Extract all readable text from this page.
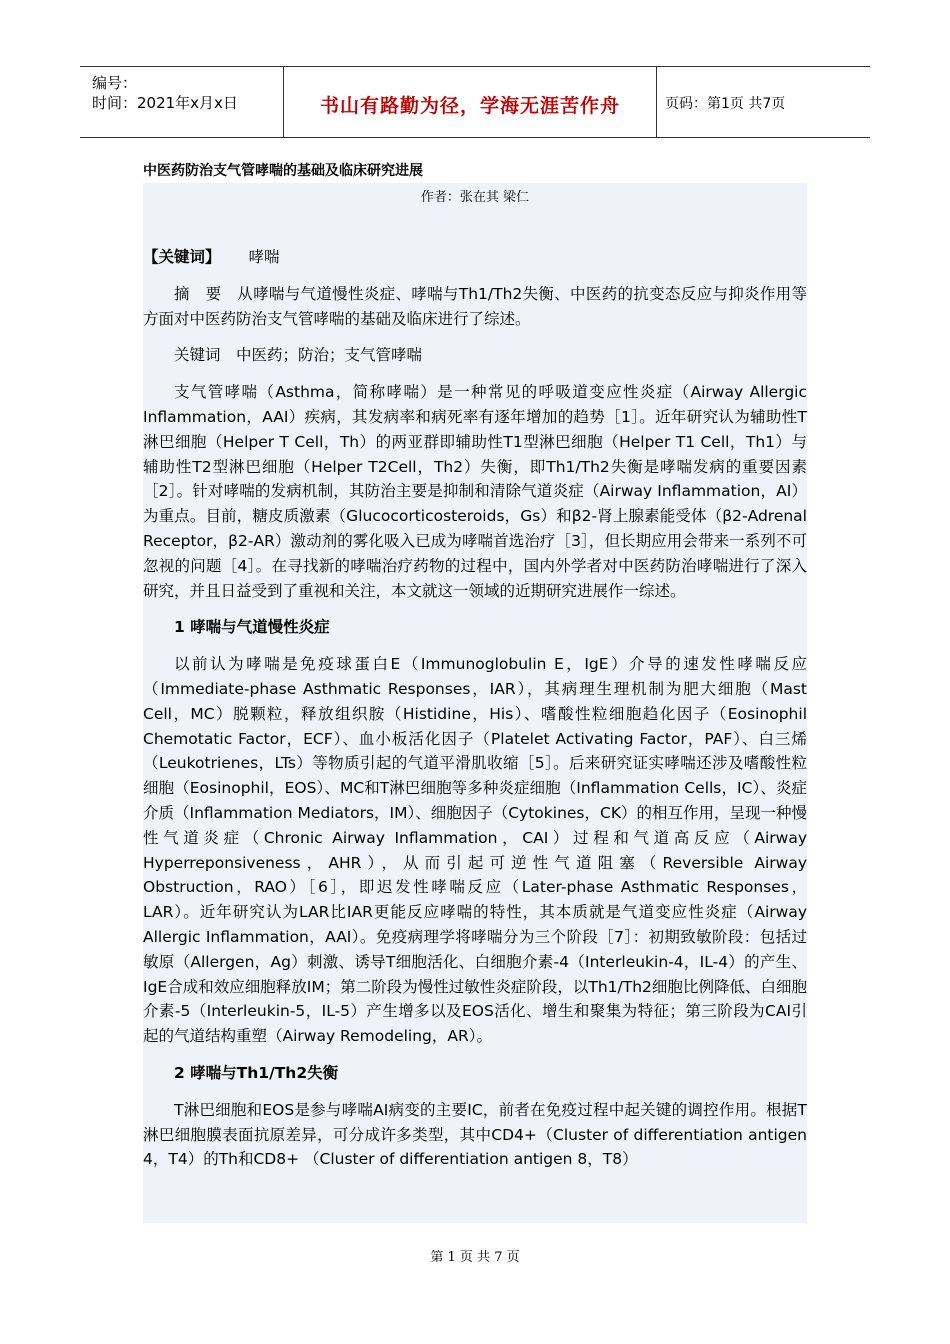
编号：
时间：2021年x月x日	书山有路勤为径，学海无涯苦作舟	页码：第1页 共7页
中医药防治支气管哮喘的基础及临床研究进展
作者：张在其 梁仁

【关键词】 哮喘

摘　要　从哮喘与气道慢性炎症、哮喘与Th1/Th2失衡、中医药的抗变态反应与抑炎作用等方面对中医药防治支气管哮喘的基础及临床进行了综述。

关键词　中医药；防治；支气管哮喘

支气管哮喘（Asthma，简称哮喘）是一种常见的呼吸道变应性炎症（Airway Allergic Inflammation，AAI）疾病，其发病率和病死率有逐年增加的趋势［1］。近年研究认为辅助性T淋巴细胞（Helper T Cell，Th）的两亚群即辅助性T1型淋巴细胞（Helper T1 Cell，Th1）与辅助性T2型淋巴细胞（Helper T2Cell，Th2）失衡，即Th1/Th2失衡是哮喘发病的重要因素［2］。针对哮喘的发病机制，其防治主要是抑制和清除气道炎症（Airway Inflammation，AI）为重点。目前，糖皮质激素（Glucocorticosteroids，Gs）和β2-肾上腺素能受体（β2-Adrenal Receptor，β2-AR）激动剂的雾化吸入已成为哮喘首选治疗［3］，但长期应用会带来一系列不可忽视的问题［4］。在寻找新的哮喘治疗药物的过程中，国内外学者对中医药防治哮喘进行了深入研究，并且日益受到了重视和关注，本文就这一领域的近期研究进展作一综述。

1 哮喘与气道慢性炎症

以前认为哮喘是免疫球蛋白E（Immunoglobulin E，IgE）介导的速发性哮喘反应（Immediate-phase Asthmatic Responses，IAR），其病理生理机制为肥大细胞（Mast Cell，MC）脱颗粒，释放组织胺（Histidine，His）、嗜酸性粒细胞趋化因子（Eosinophil Chemotatic Factor，ECF）、血小板活化因子（Platelet Activating Factor，PAF）、白三烯（Leukotrienes，LTs）等物质引起的气道平滑肌收缩［5］。后来研究证实哮喘还涉及嗜酸性粒细胞（Eosinophil，EOS）、MC和T淋巴细胞等多种炎症细胞（Inflammation Cells，IC）、炎症介质（Inflammation Mediators，IM）、细胞因子（Cytokines，CK）的相互作用，呈现一种慢性气道炎症（Chronic Airway Inflammation，CAI）过程和气道高反应（Airway Hyperreponsiveness，AHR），从而引起可逆性气道阻塞（Reversible Airway Obstruction，RAO）［6］，即迟发性哮喘反应（Later-phase Asthmatic Responses，LAR）。近年研究认为LAR比IAR更能反应哮喘的特性，其本质就是气道变应性炎症（Airway Allergic Inflammation，AAI）。免疫病理学将哮喘分为三个阶段［7］：初期致敏阶段：包括过敏原（Allergen，Ag）刺激、诱导T细胞活化、白细胞介素-4（Interleukin-4，IL-4）的产生、IgE合成和效应细胞释放IM；第二阶段为慢性过敏性炎症阶段，以Th1/Th2细胞比例降低、白细胞介素-5（Interleukin-5，IL-5）产生增多以及EOS活化、增生和聚集为特征；第三阶段为CAI引起的气道结构重塑（Airway Remodeling，AR）。

2 哮喘与Th1/Th2失衡

T淋巴细胞和EOS是参与哮喘AI病变的主要IC，前者在免疫过程中起关键的调控作用。根据T淋巴细胞膜表面抗原差异，可分成许多类型，其中CD4+（Cluster of differentiation antigen 4，T4）的Th和CD8+ （Cluster of differentiation antigen 8，T8）

第 1 页 共 7 页
